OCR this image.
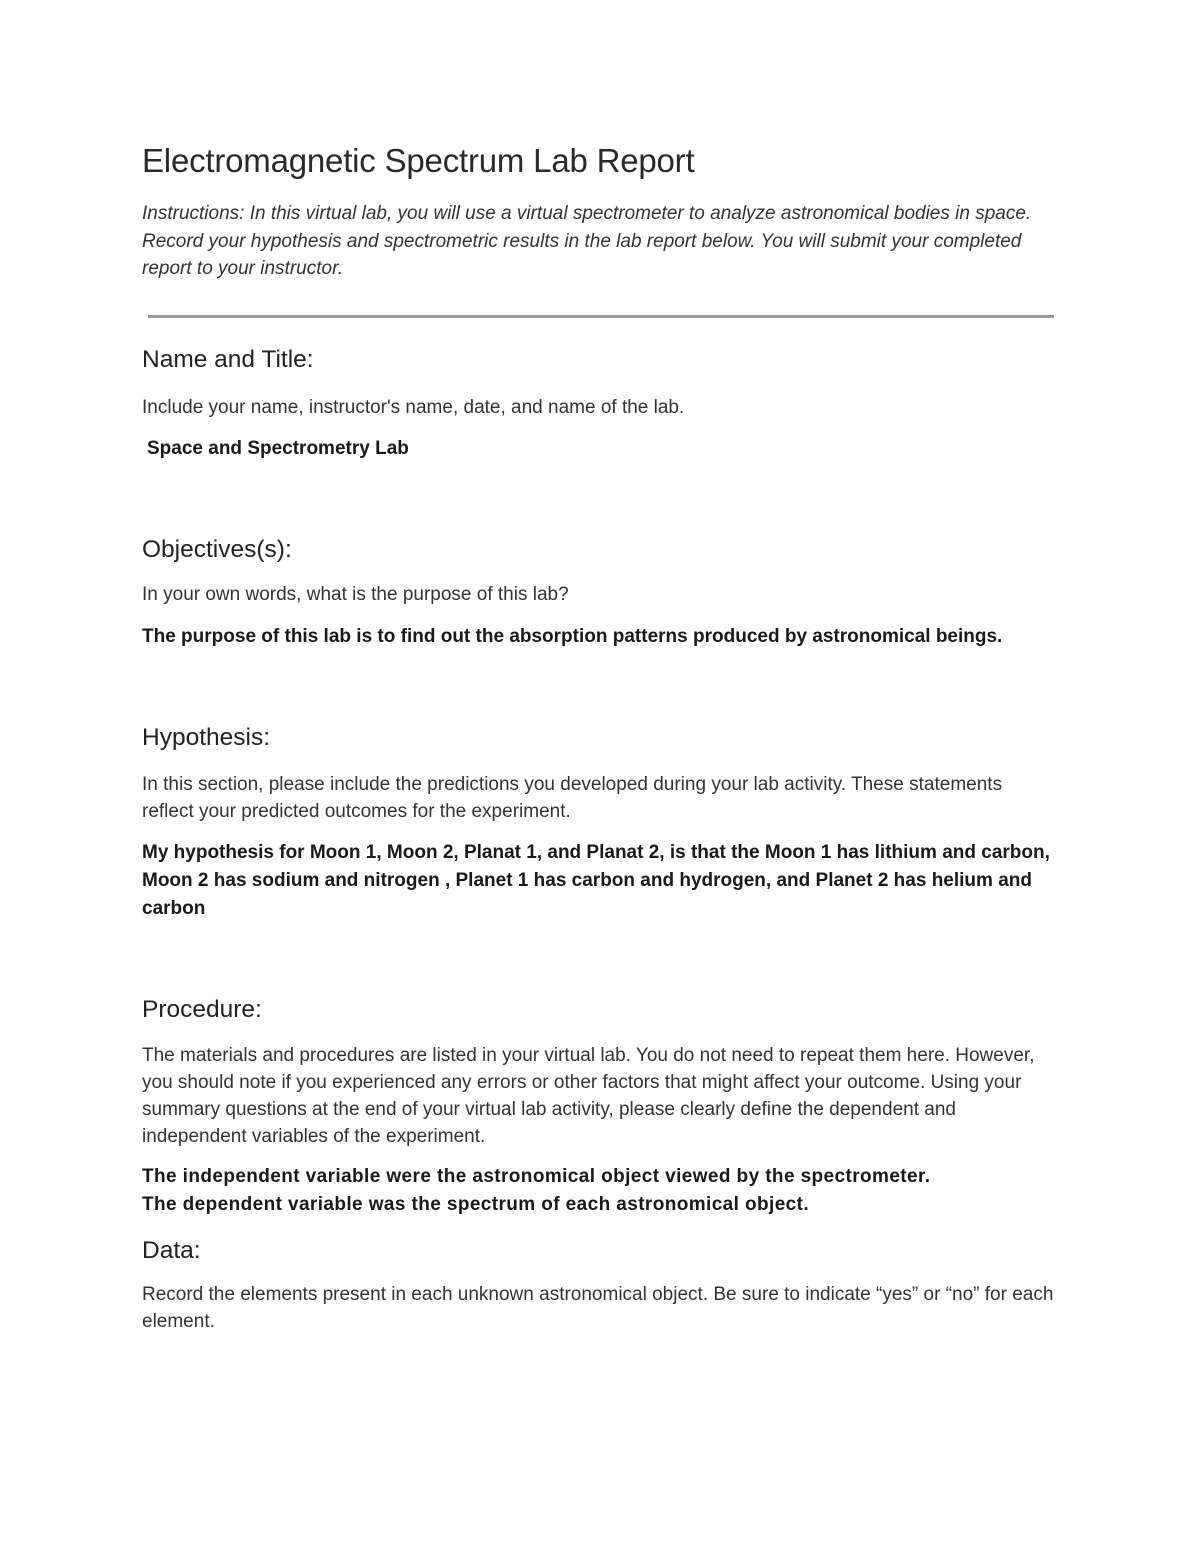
Electromagnetic Spectrum Lab Report

Instructions: In this virtual lab, you will use a virtual spectrometer to analyze astronomical bodies in space. Record your hypothesis and spectrometric results in the lab report below. You will submit your completed report to your instructor.

Name and Title:

Include your name, instructor's name, date, and name of the lab.

Space and Spectrometry Lab

Objectives(s):

In your own words, what is the purpose of this lab?

The purpose of this lab is to find out the absorption patterns produced by astronomical beings.

Hypothesis:

In this section, please include the predictions you developed during your lab activity. These statements reflect your predicted outcomes for the experiment.

My hypothesis for Moon 1, Moon 2, Planat 1, and Planat 2, is that the Moon 1 has lithium and carbon, Moon 2 has sodium and nitrogen , Planet 1 has carbon and hydrogen, and Planet 2 has helium and carbon

Procedure:

The materials and procedures are listed in your virtual lab. You do not need to repeat them here. However, you should note if you experienced any errors or other factors that might affect your outcome. Using your summary questions at the end of your virtual lab activity, please clearly define the dependent and independent variables of the experiment.

The independent variable were the astronomical object viewed by the spectrometer.
The dependent variable was the spectrum of each astronomical object.
Data:

Record the elements present in each unknown astronomical object. Be sure to indicate “yes” or “no” for each element.
